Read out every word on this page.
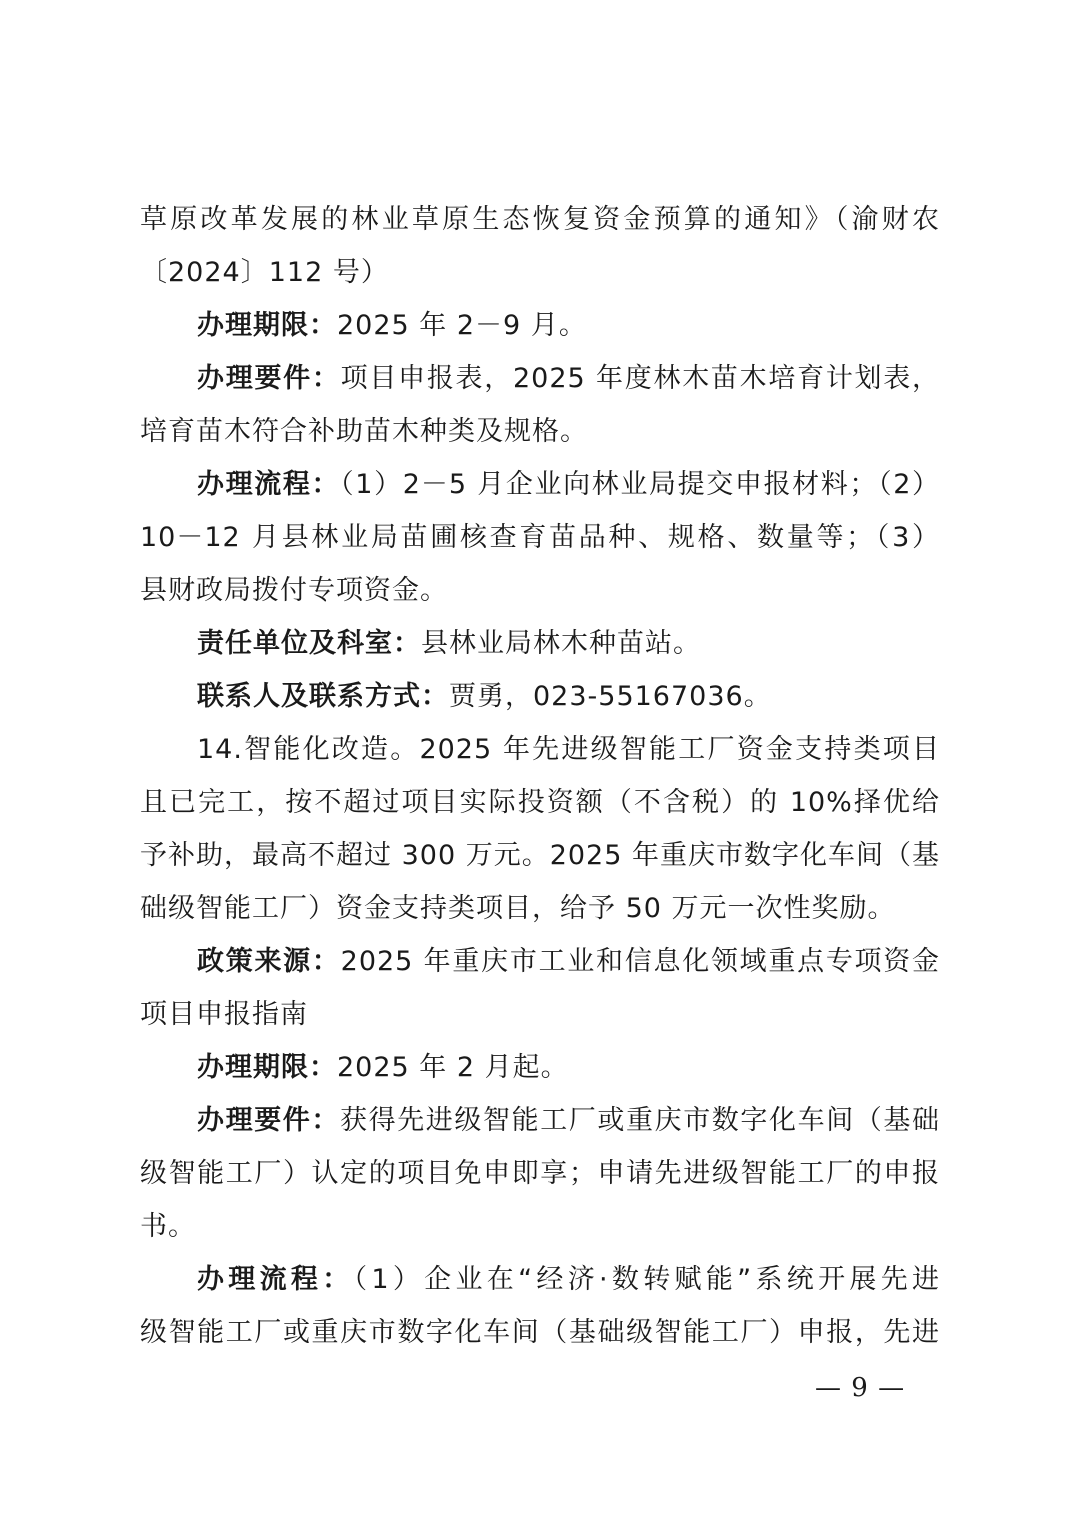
草原改革发展的林业草原生态恢复资金预算的通知》（渝财农
〔2024〕112 号）
办理期限：2025 年 2－9 月。
办理要件：项目申报表，2025 年度林木苗木培育计划表，
培育苗木符合补助苗木种类及规格。
办理流程：（1）2－5 月企业向林业局提交申报材料；（2）
10－12 月县林业局苗圃核查育苗品种、规格、数量等；（3）
县财政局拨付专项资金。
责任单位及科室：县林业局林木种苗站。
联系人及联系方式：贾勇，023-55167036。
14.智能化改造。2025 年先进级智能工厂资金支持类项目
且已完工，按不超过项目实际投资额（不含税）的 10%择优给
予补助，最高不超过 300 万元。2025 年重庆市数字化车间（基
础级智能工厂）资金支持类项目，给予 50 万元一次性奖励。
政策来源：2025 年重庆市工业和信息化领域重点专项资金
项目申报指南
办理期限：2025 年 2 月起。
办理要件：获得先进级智能工厂或重庆市数字化车间（基础
级智能工厂）认定的项目免申即享；申请先进级智能工厂的申报
书。
办理流程：（1）企业在“经济·数转赋能”系统开展先进
级智能工厂或重庆市数字化车间（基础级智能工厂）申报，先进
— 9 —
